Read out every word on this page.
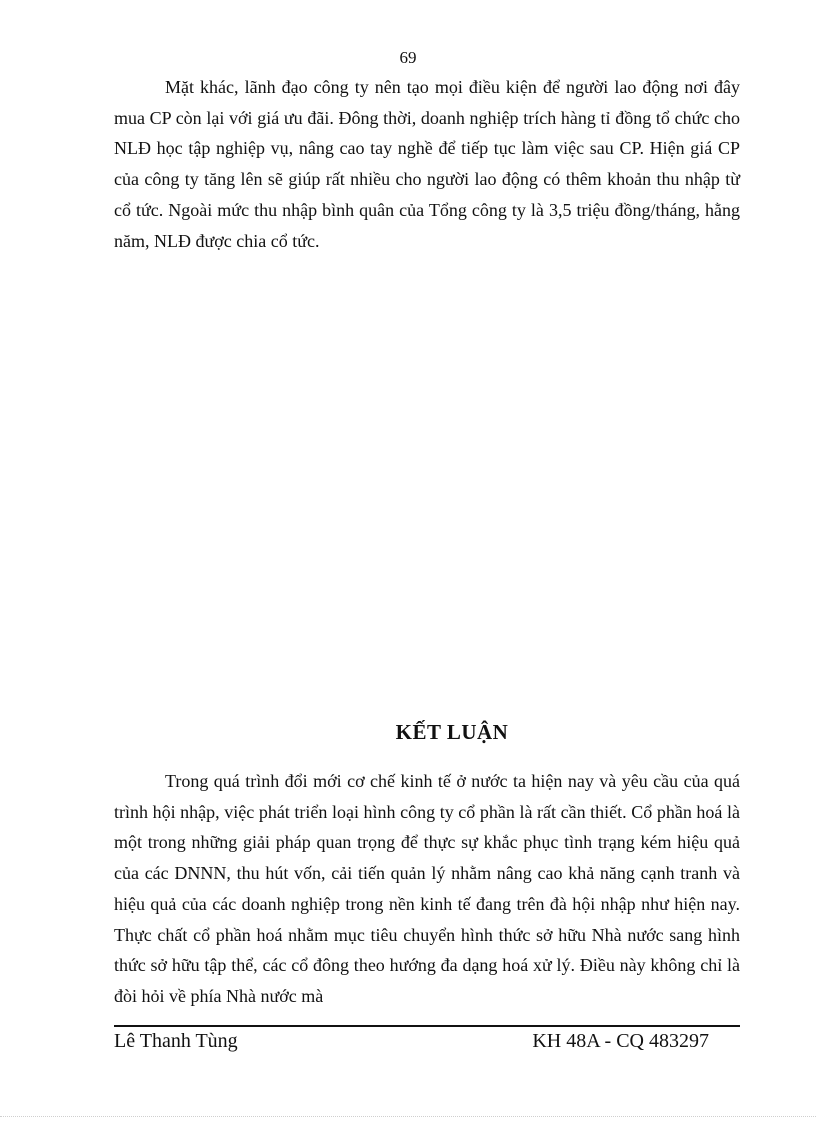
69

Mặt khác, lãnh đạo công ty nên tạo mọi điều kiện để người lao động nơi đây mua CP còn lại với giá ưu đãi. Đông thời, doanh nghiệp trích hàng tỉ đồng tổ chức cho NLĐ học tập nghiệp vụ, nâng cao tay nghề để tiếp tục làm việc sau CP. Hiện giá CP của công ty tăng lên sẽ giúp rất nhiều cho người lao động có thêm khoản thu nhập từ cổ tức. Ngoài mức thu nhập bình quân của Tổng công ty là 3,5 triệu đồng/tháng, hằng năm, NLĐ được chia cổ tức.

KẾT LUẬN

Trong quá trình đổi mới cơ chế kinh tế ở nước ta hiện nay và yêu cầu của quá trình hội nhập, việc phát triển loại hình công ty cổ phần là rất cần thiết. Cổ phần hoá là một trong những giải pháp quan trọng để thực sự khắc phục tình trạng kém hiệu quả của các DNNN, thu hút vốn, cải tiến quản lý nhằm nâng cao khả năng cạnh tranh và hiệu quả của các doanh nghiệp trong nền kinh tế đang trên đà hội nhập như hiện nay. Thực chất cổ phần hoá nhằm mục tiêu chuyển hình thức sở hữu Nhà nước sang hình thức sở hữu tập thể, các cổ đông theo hướng đa dạng hoá xử lý. Điều này không chỉ là đòi hỏi về phía Nhà nước mà

Lê Thanh Tùng	KH 48A - CQ 483297
